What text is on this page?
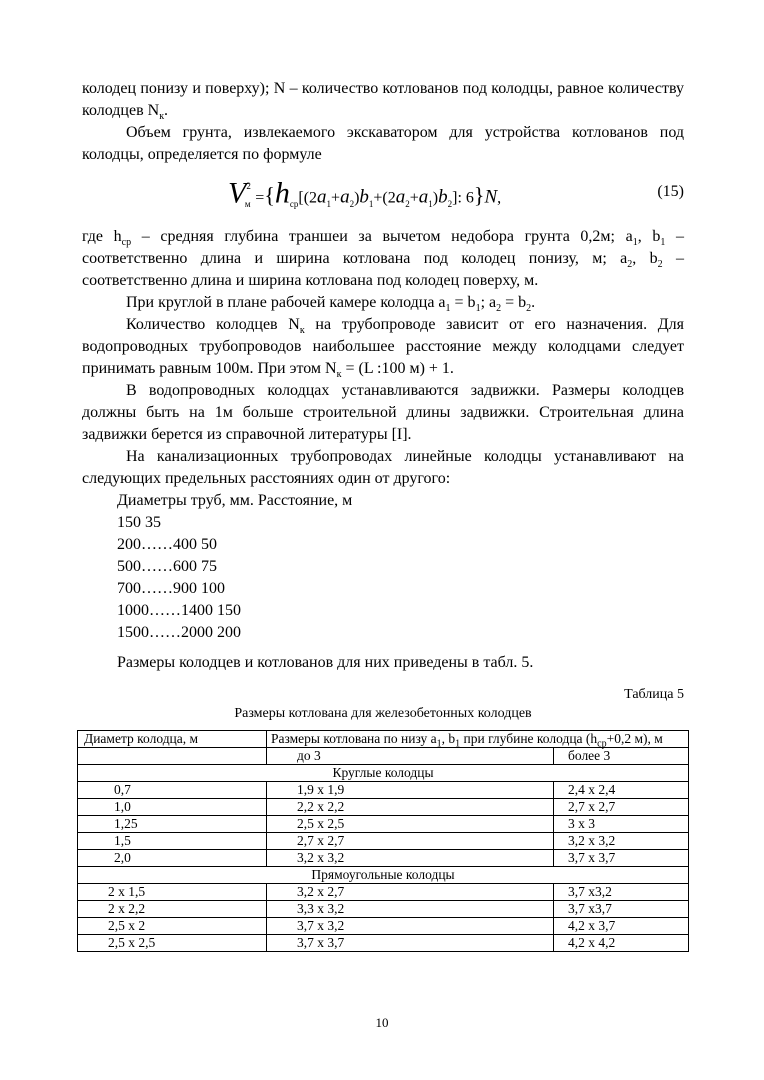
колодец понизу и поверху); N – количество котлованов под колодцы, равное количеству колодцев $N_к$.

Объем грунта, извлекаемого экскаватором для устройства котлованов под колодцы, определяется по формуле

$V^2_м =\{h_{ср}[(2a_1+a_2)b_1+(2a_2+a_1)b_2]$: 6}N,	(15)

где $h_{ср}$ – средняя глубина траншеи за вычетом недобора грунта 0,2м; $a_1$, $b_1$ – соответственно длина и ширина котлована под колодец понизу, м; $a_2$, $b_2$ – соответственно длина и ширина котлована под колодец поверху, м.

При круглой в плане рабочей камере колодца $a_1 = b_1$; $a_2 = b_2$.

Количество колодцев $N_к$ на трубопроводе зависит от его назначения. Для водопроводных трубопроводов наибольшее расстояние между колодцами следует принимать равным 100м. При этом $N_к = (L$ :100 м) + 1.

В водопроводных колодцах устанавливаются задвижки. Размеры колодцев должны быть на 1м больше строительной длины задвижки. Строительная длина задвижки берется из справочной литературы [I].

На канализационных трубопроводах линейные колодцы устанавливают на следующих предельных расстояниях один от другого:

Диаметры труб, мм. Расстояние, м
150 35
200……400 50
500……600 75
700……900 100
1000……1400 150
1500……2000 200
Размеры колодцев и котлованов для них приведены в табл. 5.
Таблица 5
Размеры котлована для железобетонных колодцев
Диаметр колодца, м	Размеры котлована по низу $a_1$, $b_1$ при глубине колодца ($h_{ср}+0,2$ м), м	
	до 3	более 3
Круглые колодцы		
0,7	1,9 х 1,9	2,4 х 2,4
1,0	2,2 х 2,2	2,7 х 2,7
1,25	2,5 х 2,5	3 х 3
1,5	2,7 х 2,7	3,2 х 3,2
2,0	3,2 х 3,2	3,7 х 3,7
Прямоугольные колодцы		
2 х 1,5	3,2 х 2,7	3,7 х3,2
2 х 2,2	3,3 х 3,2	3,7 х3,7
2,5 х 2	3,7 х 3,2	4,2 х 3,7
2,5 х 2,5	3,7 х 3,7	4,2 х 4,2
10
